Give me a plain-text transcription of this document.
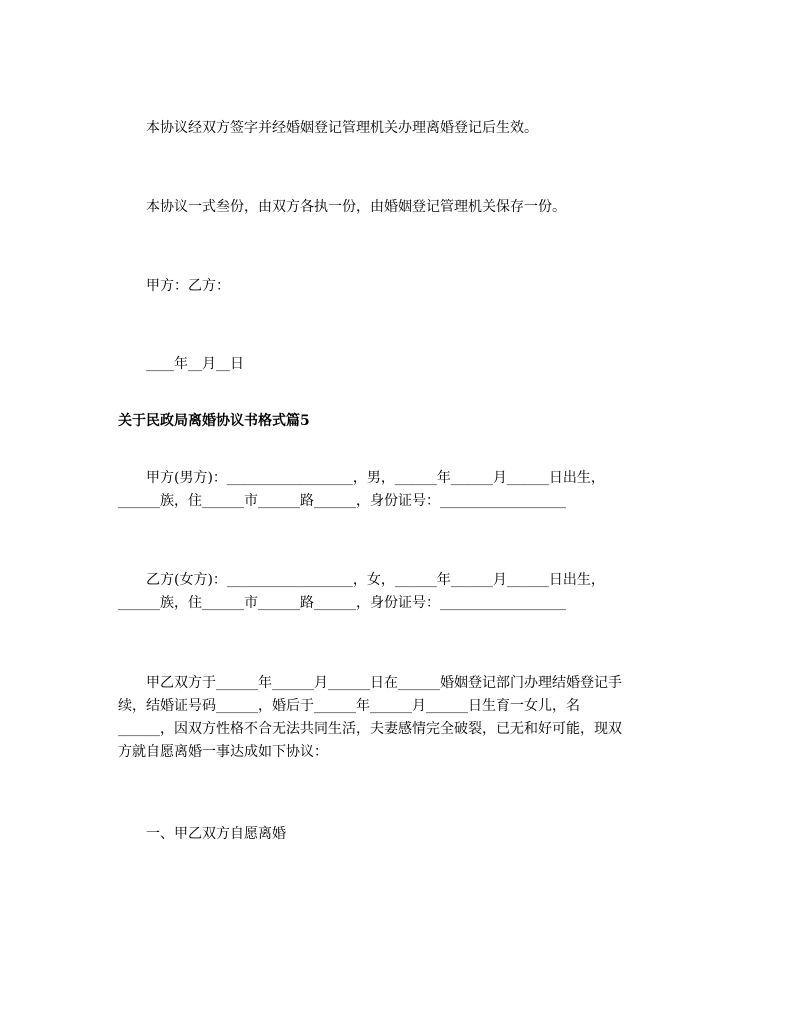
　　本协议经双方签字并经婚姻登记管理机关办理离婚登记后生效。
　　本协议一式叁份，由双方各执一份，由婚姻登记管理机关保存一份。
　　甲方：乙方：
　　____年__月__日
关于民政局离婚协议书格式篇5
　　甲方(男方)：__________________，男，______年______月______日出生，
______族，住______市______路______，身份证号：__________________
　　乙方(女方)：__________________，女，______年______月______日出生，
______族，住______市______路______，身份证号：__________________
　　甲乙双方于______年______月______日在______婚姻登记部门办理结婚登记手
续，结婚证号码______，婚后于______年______月______日生育一女儿，名
______，因双方性格不合无法共同生活，夫妻感情完全破裂，已无和好可能，现双
方就自愿离婚一事达成如下协议：
　　一、甲乙双方自愿离婚
